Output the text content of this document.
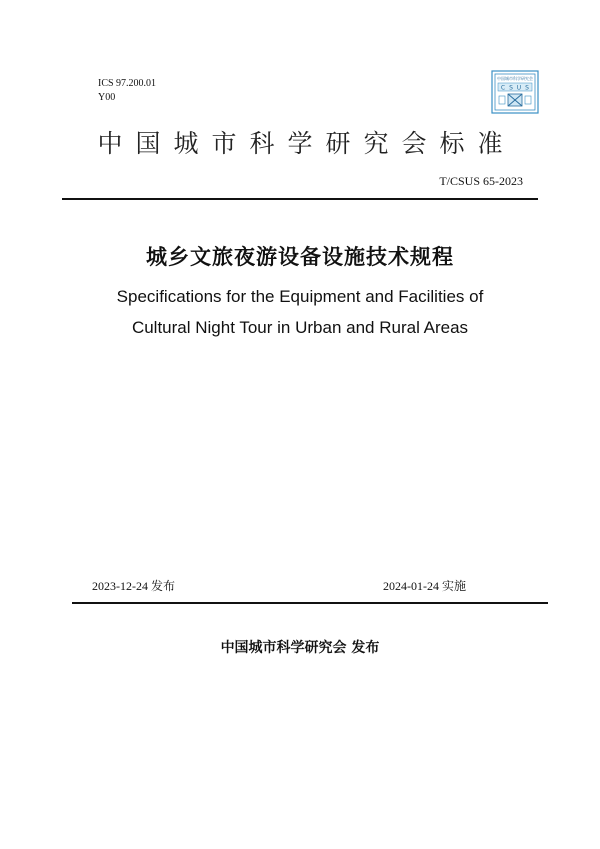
ICS 97.200.01
Y00
中国城市科学研究会
C S U S
中国城市科学研究会标准
T/CSUS 65-2023
城乡文旅夜游设备设施技术规程
Specifications for the Equipment and Facilities of
Cultural Night Tour in Urban and Rural Areas
2023-12-24 发布	2024-01-24 实施
中国城市科学研究会 发布
